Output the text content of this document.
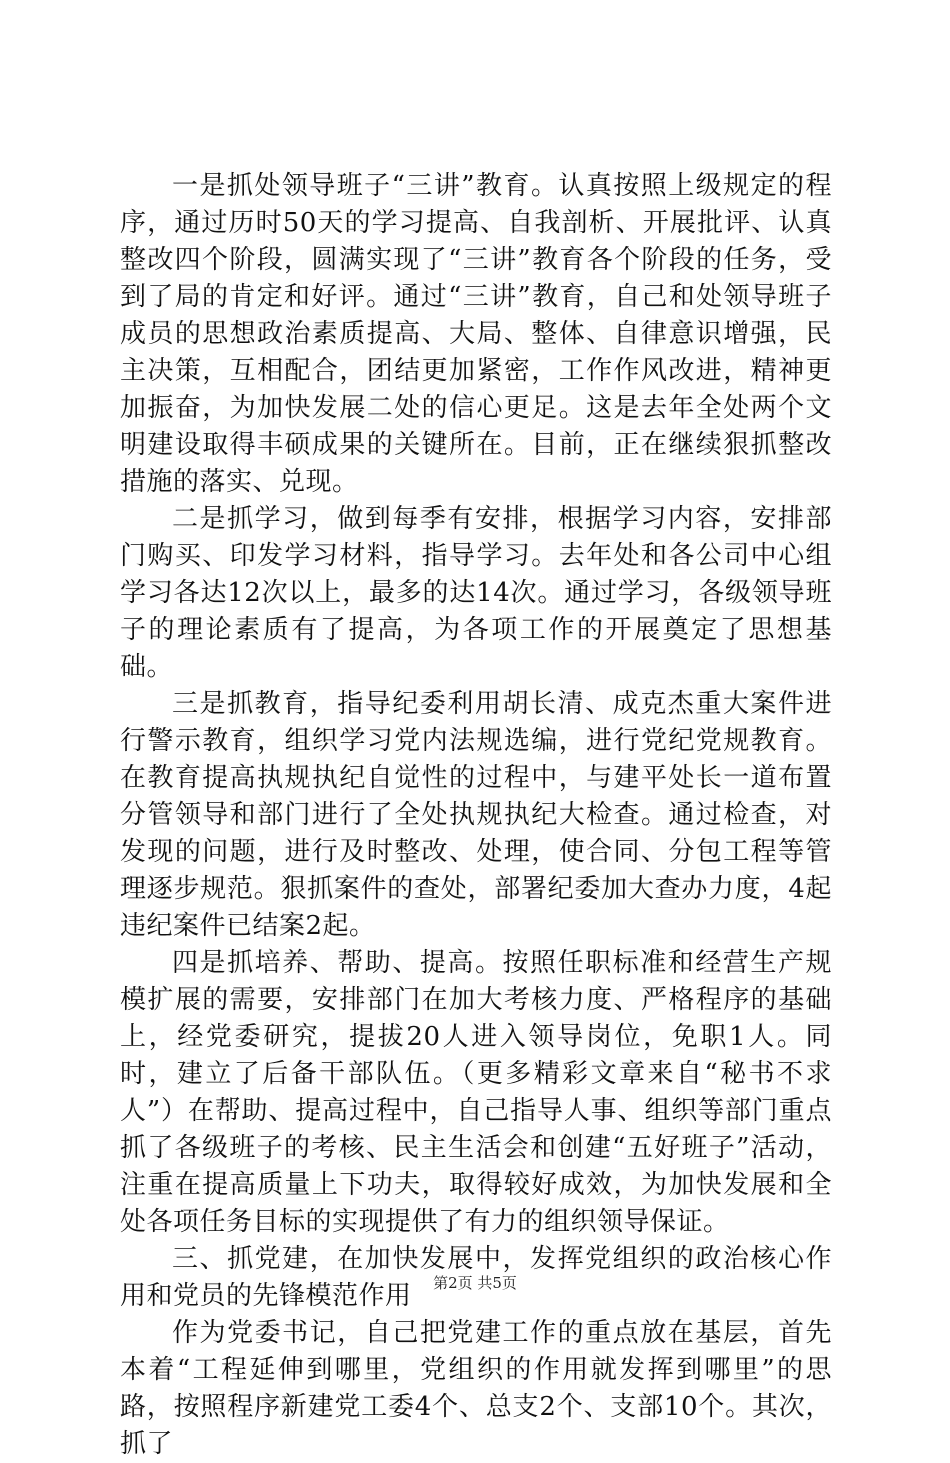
一是抓处领导班子“三讲”教育。认真按照上级规定的程序，通过历时50天的学习提高、自我剖析、开展批评、认真整改四个阶段，圆满实现了“三讲”教育各个阶段的任务，受到了局的肯定和好评。通过“三讲”教育，自己和处领导班子成员的思想政治素质提高、大局、整体、自律意识增强，民主决策，互相配合，团结更加紧密，工作作风改进，精神更加振奋，为加快发展二处的信心更足。这是去年全处两个文明建设取得丰硕成果的关键所在。目前，正在继续狠抓整改措施的落实、兑现。

二是抓学习，做到每季有安排，根据学习内容，安排部门购买、印发学习材料，指导学习。去年处和各公司中心组学习各达12次以上，最多的达14次。通过学习，各级领导班子的理论素质有了提高，为各项工作的开展奠定了思想基础。

三是抓教育，指导纪委利用胡长清、成克杰重大案件进行警示教育，组织学习党内法规选编，进行党纪党规教育。在教育提高执规执纪自觉性的过程中，与建平处长一道布置分管领导和部门进行了全处执规执纪大检查。通过检查，对发现的问题，进行及时整改、处理，使合同、分包工程等管理逐步规范。狠抓案件的查处，部署纪委加大查办力度，4起违纪案件已结案2起。

四是抓培养、帮助、提高。按照任职标准和经营生产规模扩展的需要，安排部门在加大考核力度、严格程序的基础上，经党委研究，提拔20人进入领导岗位，免职1人。同时，建立了后备干部队伍。（更多精彩文章来自“秘书不求人”）在帮助、提高过程中，自己指导人事、组织等部门重点抓了各级班子的考核、民主生活会和创建“五好班子”活动，注重在提高质量上下功夫，取得较好成效，为加快发展和全处各项任务目标的实现提供了有力的组织领导保证。

三、抓党建，在加快发展中，发挥党组织的政治核心作用和党员的先锋模范作用

作为党委书记，自己把党建工作的重点放在基层，首先本着“工程延伸到哪里，党组织的作用就发挥到哪里”的思路，按照程序新建党工委4个、总支2个、支部10个。其次，抓了

第2页 共5页
